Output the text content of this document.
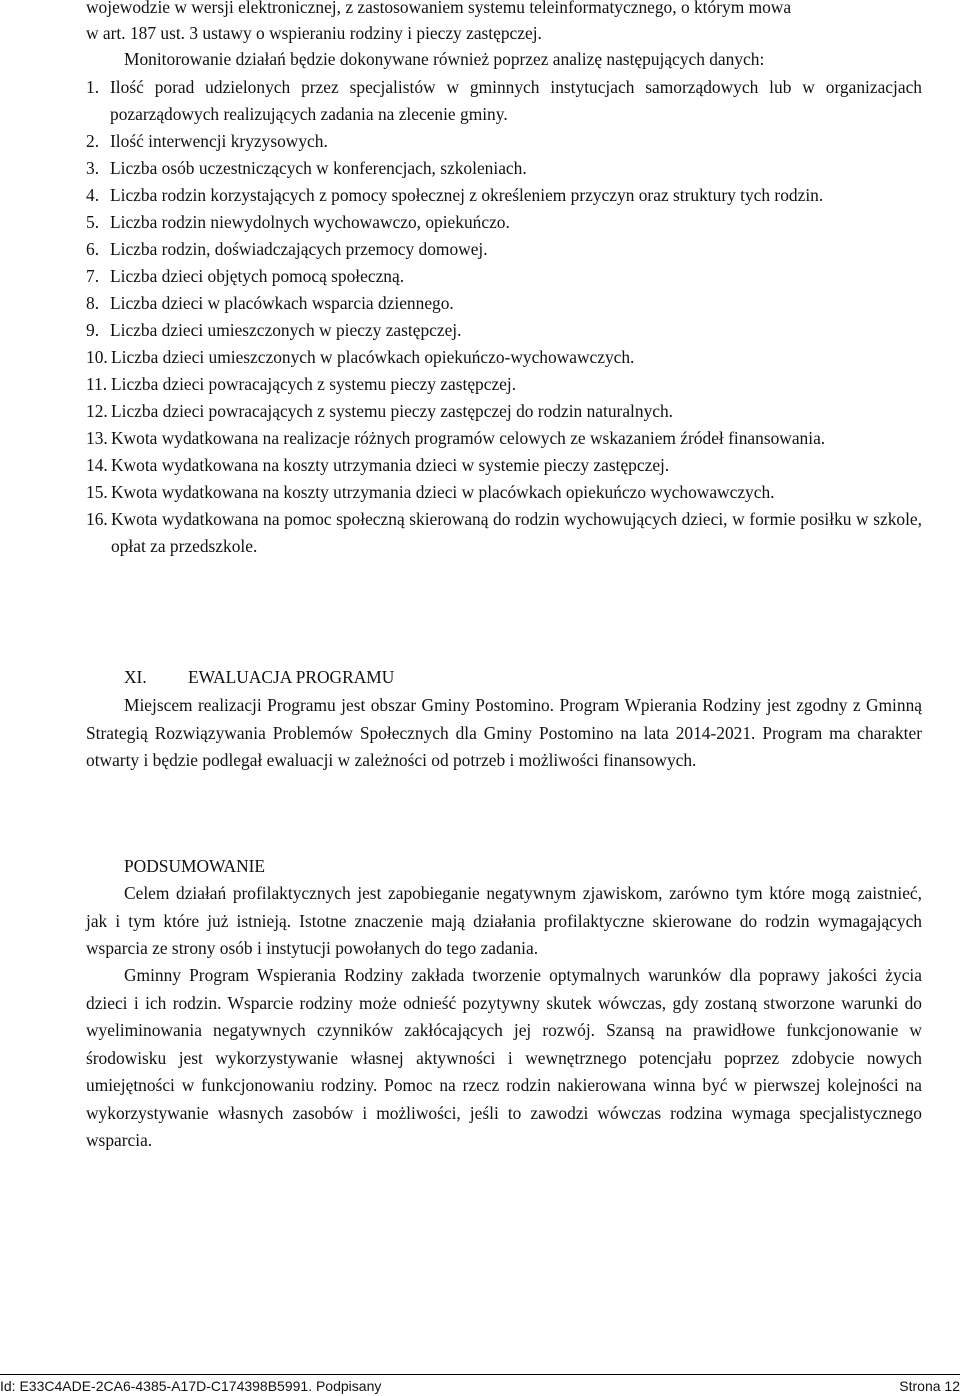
wojewodzie w wersji elektronicznej, z zastosowaniem systemu teleinformatycznego, o którym mowa
w art. 187 ust. 3 ustawy o wspieraniu rodziny i pieczy zastępczej.
Monitorowanie działań będzie dokonywane również poprzez analizę następujących danych:
1. Ilość porad udzielonych przez specjalistów w gminnych instytucjach samorządowych lub w organizacjach pozarządowych realizujących zadania na zlecenie gminy.
2. Ilość interwencji kryzysowych.
3. Liczba osób uczestniczących w konferencjach, szkoleniach.
4. Liczba rodzin korzystających z pomocy społecznej z określeniem przyczyn oraz struktury tych rodzin.
5. Liczba rodzin niewydolnych wychowawczo, opiekuńczo.
6. Liczba rodzin, doświadczających przemocy domowej.
7. Liczba dzieci objętych pomocą społeczną.
8. Liczba dzieci w placówkach wsparcia dziennego.
9. Liczba dzieci umieszczonych w pieczy zastępczej.
10. Liczba dzieci umieszczonych w placówkach opiekuńczo-wychowawczych.
11. Liczba dzieci powracających z systemu pieczy zastępczej.
12. Liczba dzieci powracających z systemu pieczy zastępczej do rodzin naturalnych.
13. Kwota wydatkowana na realizacje różnych programów celowych ze wskazaniem źródeł finansowania.
14. Kwota wydatkowana na koszty utrzymania dzieci w systemie pieczy zastępczej.
15. Kwota wydatkowana na koszty utrzymania dzieci w placówkach opiekuńczo wychowawczych.
16. Kwota wydatkowana na pomoc społeczną skierowaną do rodzin wychowujących dzieci, w formie posiłku w szkole, opłat za przedszkole.
XI. EWALUACJA PROGRAMU

Miejscem realizacji Programu jest obszar Gminy Postomino. Program Wpierania Rodziny jest zgodny z Gminną Strategią Rozwiązywania Problemów Społecznych dla Gminy Postomino na lata 2014-2021. Program ma charakter otwarty i będzie podlegał ewaluacji w zależności od potrzeb i możliwości finansowych.

PODSUMOWANIE

Celem działań profilaktycznych jest zapobieganie negatywnym zjawiskom, zarówno tym które mogą zaistnieć, jak i tym które już istnieją. Istotne znaczenie mają działania profilaktyczne skierowane do rodzin wymagających wsparcia ze strony osób i instytucji powołanych do tego zadania.

Gminny Program Wspierania Rodziny zakłada tworzenie optymalnych warunków dla poprawy jakości życia dzieci i ich rodzin. Wsparcie rodziny może odnieść pozytywny skutek wówczas, gdy zostaną stworzone warunki do wyeliminowania negatywnych czynników zakłócających jej rozwój. Szansą na prawidłowe funkcjonowanie w środowisku jest wykorzystywanie własnej aktywności i wewnętrznego potencjału poprzez zdobycie nowych umiejętności w funkcjonowaniu rodziny. Pomoc na rzecz rodzin nakierowana winna być w pierwszej kolejności na wykorzystywanie własnych zasobów i możliwości, jeśli to zawodzi wówczas rodzina wymaga specjalistycznego wsparcia.

Id: E33C4ADE-2CA6-4385-A17D-C174398B5991. Podpisany	Strona 12
